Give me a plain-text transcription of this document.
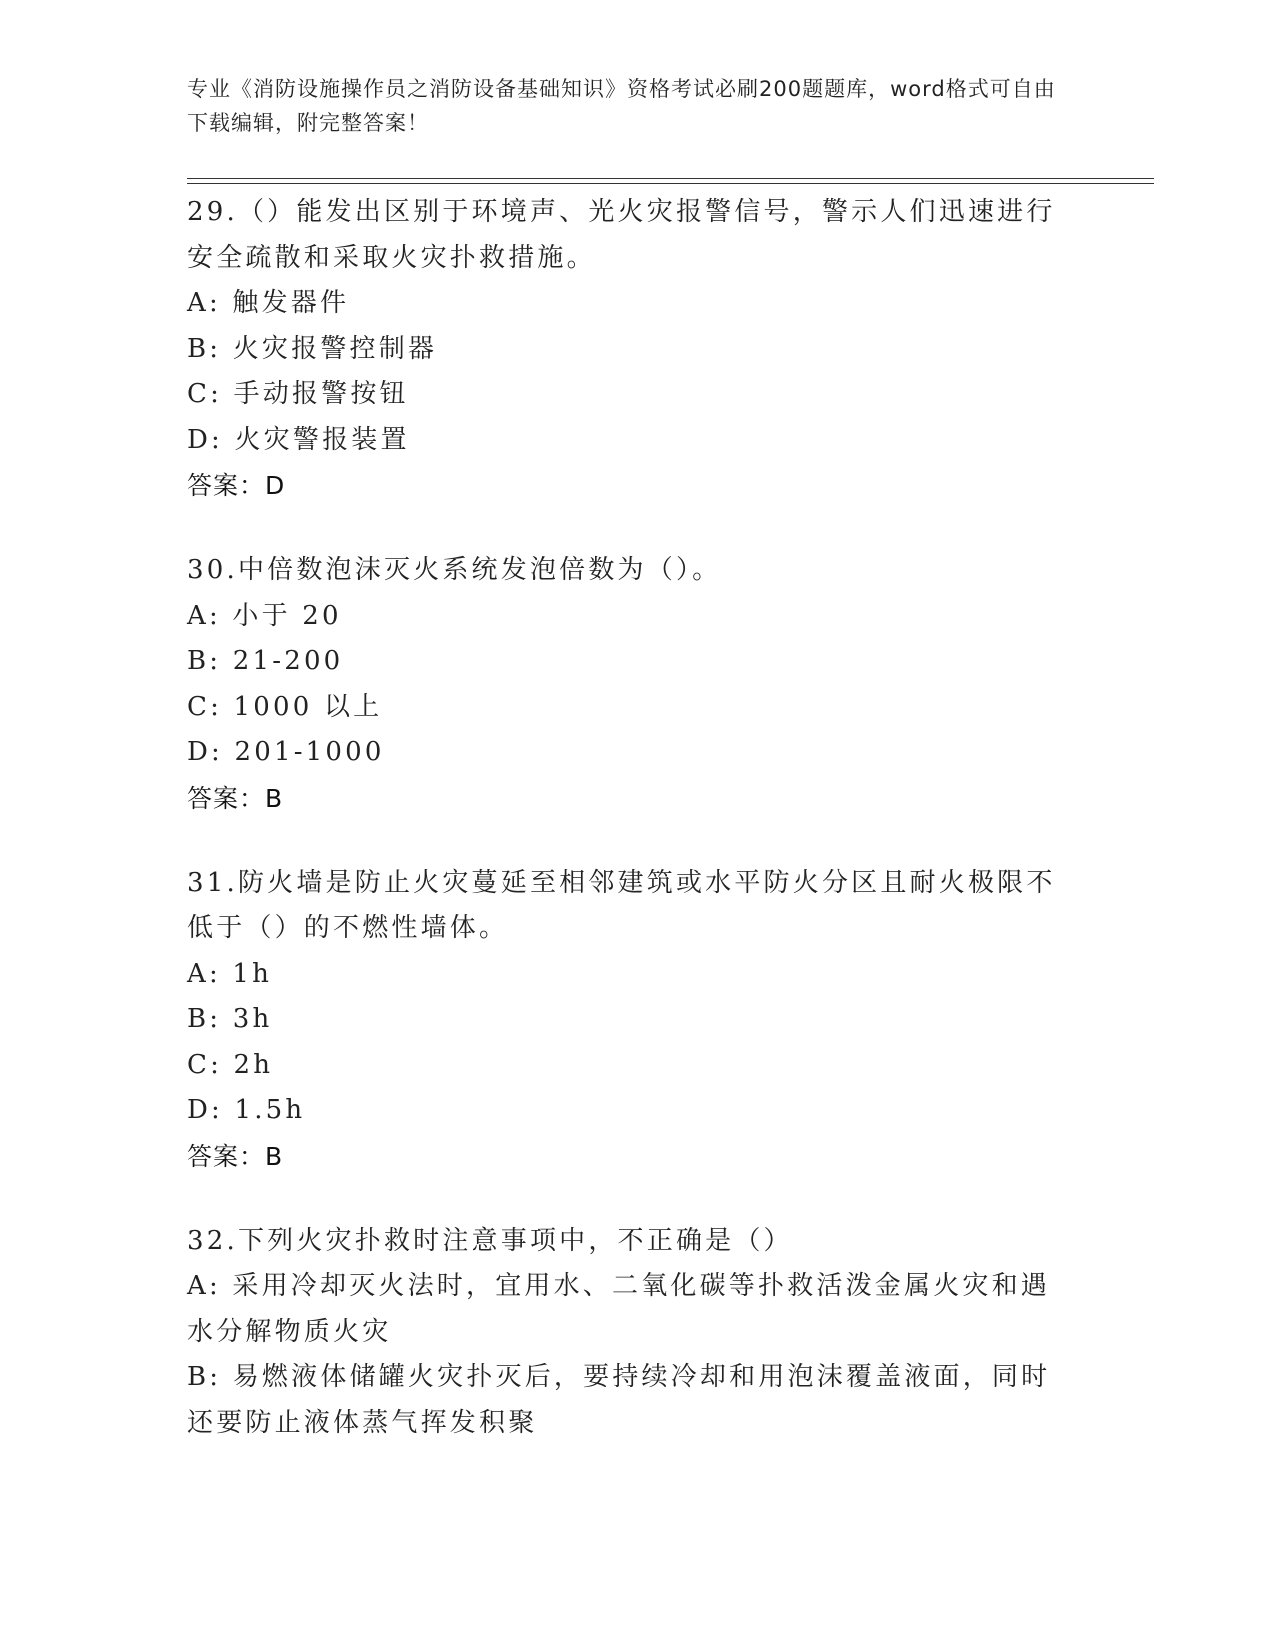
专业《消防设施操作员之消防设备基础知识》资格考试必刷200题题库，word格式可自由下载编辑，附完整答案！
29.（）能发出区别于环境声、光火灾报警信号，警示人们迅速进行安全疏散和采取火灾扑救措施。
A: 触发器件
B: 火灾报警控制器
C: 手动报警按钮
D: 火灾警报装置
答案：D
30.中倍数泡沫灭火系统发泡倍数为（）。
A: 小于 20
B: 21-200
C: 1000 以上
D: 201-1000
答案：B
31.防火墙是防止火灾蔓延至相邻建筑或水平防火分区且耐火极限不低于（）的不燃性墙体。
A: 1h
B: 3h
C: 2h
D: 1.5h
答案：B
32.下列火灾扑救时注意事项中，不正确是（）
A: 采用冷却灭火法时，宜用水、二氧化碳等扑救活泼金属火灾和遇水分解物质火灾
B: 易燃液体储罐火灾扑灭后，要持续冷却和用泡沫覆盖液面，同时还要防止液体蒸气挥发积聚
